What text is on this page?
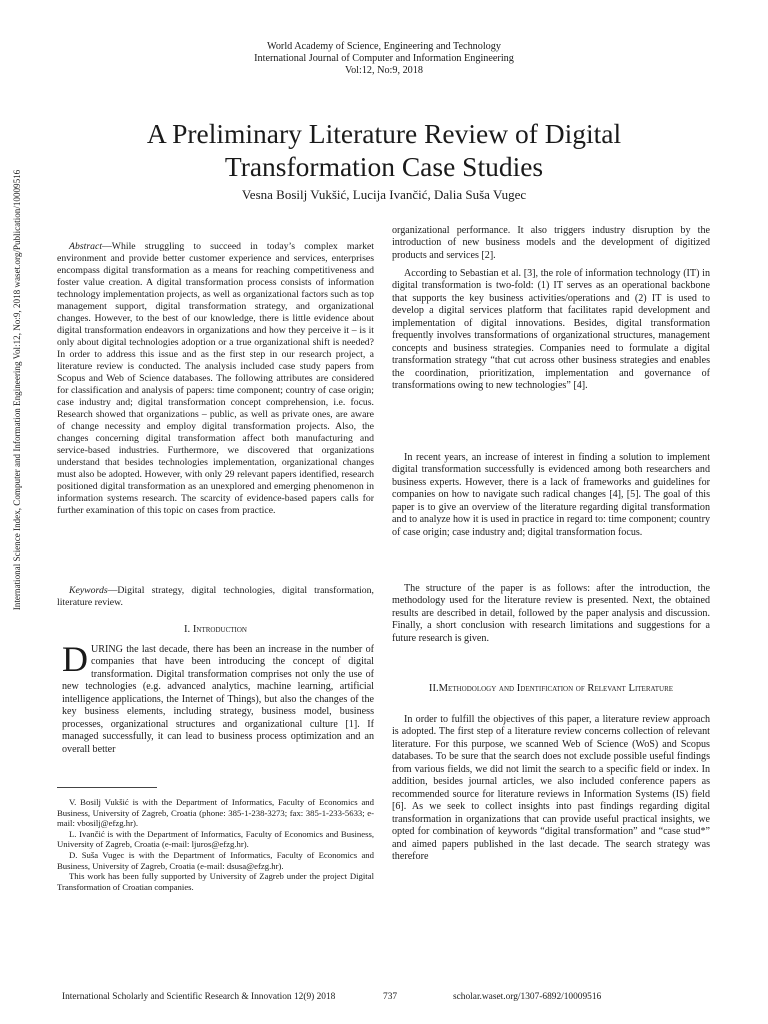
World Academy of Science, Engineering and Technology
International Journal of Computer and Information Engineering
Vol:12, No:9, 2018
A Preliminary Literature Review of Digital
Transformation Case Studies
Vesna Bosilj Vukšić, Lucija Ivančić, Dalia Suša Vugec
International Science Index, Computer and Information Engineering Vol:12, No:9, 2018 waset.org/Publication/10009516	Abstract—While struggling to succeed in today’s complex market environment and provide better customer experience and services, enterprises encompass digital transformation as a means for reaching competitiveness and foster value creation. A digital transformation process consists of information technology implementation projects, as well as organizational factors such as top management support, digital transformation strategy, and organizational changes. However, to the best of our knowledge, there is little evidence about digital transformation endeavors in organizations and how they perceive it – is it only about digital technologies adoption or a true organizational shift is needed? In order to address this issue and as the first step in our research project, a literature review is conducted. The analysis included case study papers from Scopus and Web of Science databases. The following attributes are considered for classification and analysis of papers: time component; country of case origin; case industry and; digital transformation concept comprehension, i.e. focus. Research showed that organizations – public, as well as private ones, are aware of change necessity and employ digital transformation projects. Also, the changes concerning digital transformation affect both manufacturing and service-based industries. Furthermore, we discovered that organizations understand that besides technologies implementation, organizational changes must also be adopted. However, with only 29 relevant papers identified, research positioned digital transformation as an unexplored and emerging phenomenon in information systems research. The scarcity of evidence-based papers calls for further examination of this topic on cases from practice.

Keywords—Digital strategy, digital technologies, digital transformation, literature review.

I. Introduction
DURING the last decade, there has been an increase in the number of companies that have been introducing the concept of digital transformation. Digital transformation comprises not only the use of new technologies (e.g. advanced analytics, machine learning, artificial intelligence applications, the Internet of Things), but also the changes of the key business elements, including strategy, business model, business processes, organizational structures and organizational culture [1]. If managed successfully, it can lead to business process optimization and an overall better

V. Bosilj Vukšić is with the Department of Informatics, Faculty of Economics and Business, University of Zagreb, Croatia (phone: 385-1-238-3273; fax: 385-1-233-5633; e-mail: vbosilj@efzg.hr).

L. Ivančić is with the Department of Informatics, Faculty of Economics and Business, University of Zagreb, Croatia (e-mail: ljuros@efzg.hr).

D. Suša Vugec is with the Department of Informatics, Faculty of Economics and Business, University of Zagreb, Croatia (e-mail: dsusa@efzg.hr).

This work has been fully supported by University of Zagreb under the project Digital Transformation of Croatian companies.

organizational performance. It also triggers industry disruption by the introduction of new business models and the development of digitized products and services [2].
According to Sebastian et al. [3], the role of information technology (IT) in digital transformation is two-fold: (1) IT serves as an operational backbone that supports the key business activities/operations and (2) IT is used to develop a digital services platform that facilitates rapid development and implementation of digital innovations. Besides, digital transformation frequently involves transformations of organizational structures, management concepts and business strategies. Companies need to formulate a digital transformation strategy “that cut across other business strategies and enables the coordination, prioritization, implementation and governance of transformations owing to new technologies” [4].
In recent years, an increase of interest in finding a solution to implement digital transformation successfully is evidenced among both researchers and business experts. However, there is a lack of frameworks and guidelines for companies on how to navigate such radical changes [4], [5]. The goal of this paper is to give an overview of the literature regarding digital transformation and to analyze how it is used in practice in regard to: time component; country of case origin; case industry and; digital transformation focus.
The structure of the paper is as follows: after the introduction, the methodology used for the literature review is presented. Next, the obtained results are described in detail, followed by the paper analysis and discussion. Finally, a short conclusion with research limitations and suggestions for a future research is given.
II.Methodology and Identification of Relevant Literature
In order to fulfill the objectives of this paper, a literature review approach is adopted. The first step of a literature review concerns collection of relevant literature. For this purpose, we scanned Web of Science (WoS) and Scopus databases. To be sure that the search does not exclude possible useful findings from various fields, we did not limit the search to a specific field or index. In addition, besides journal articles, we also included conference papers as recommended source for literature reviews in Information Systems (IS) field [6]. As we seek to collect insights into past findings regarding digital transformation in organizations that can provide useful practical insights, we opted for combination of keywords “digital transformation” and “case stud*” and aimed papers published in the last decade. The search strategy was therefore
International Scholarly and Scientific Research & Innovation 12(9) 2018	737	scholar.waset.org/1307-6892/10009516
